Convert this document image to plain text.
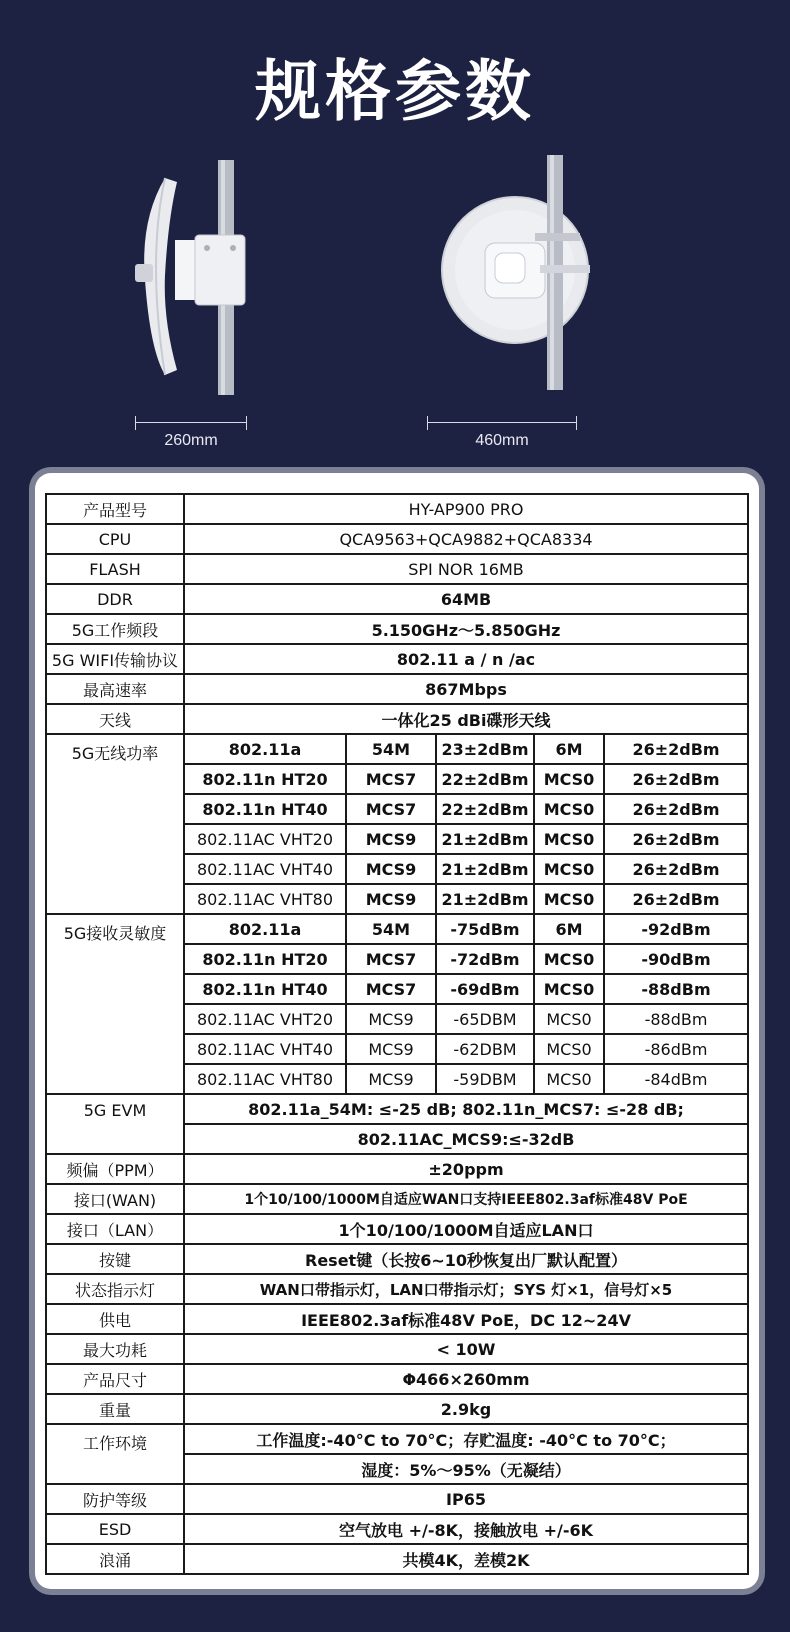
规格参数
260mm	460mm
产品型号	HY-AP900 PRO				
CPU	QCA9563+QCA9882+QCA8334				
FLASH	SPI NOR 16MB				
DDR	64MB				
5G工作频段	5.150GHz～5.850GHz				
5G WIFI传输协议	802.11 a / n /ac				
最高速率	867Mbps				
天线	一体化25 dBi碟形天线				
5G无线功率	802.11a	54M	23±2dBm	6M	26±2dBm
	802.11n HT20	MCS7	22±2dBm	MCS0	26±2dBm
	802.11n HT40	MCS7	22±2dBm	MCS0	26±2dBm
	802.11AC VHT20	MCS9	21±2dBm	MCS0	26±2dBm
	802.11AC VHT40	MCS9	21±2dBm	MCS0	26±2dBm
	802.11AC VHT80	MCS9	21±2dBm	MCS0	26±2dBm
5G接收灵敏度	802.11a	54M	-75dBm	6M	-92dBm
	802.11n HT20	MCS7	-72dBm	MCS0	-90dBm
	802.11n HT40	MCS7	-69dBm	MCS0	-88dBm
	802.11AC VHT20	MCS9	-65DBM	MCS0	-88dBm
	802.11AC VHT40	MCS9	-62DBM	MCS0	-86dBm
	802.11AC VHT80	MCS9	-59DBM	MCS0	-84dBm
5G EVM	802.11a_54M: ≤-25 dB; 802.11n_MCS7: ≤-28 dB;				
	802.11AC_MCS9:≤-32dB				
频偏（PPM）	±20ppm				
接口(WAN)	1个10/100/1000M自适应WAN口支持IEEE802.3af标准48V PoE				
接口（LAN）	1个10/100/1000M自适应LAN口				
按键	Reset键（长按6~10秒恢复出厂默认配置）				
状态指示灯	WAN口带指示灯，LAN口带指示灯；SYS 灯×1，信号灯×5				
供电	IEEE802.3af标准48V PoE，DC 12~24V				
最大功耗	< 10W				
产品尺寸	Φ466×260mm				
重量	2.9kg				
工作环境	工作温度:-40°C to 70°C；存贮温度: -40°C to 70°C；				
	湿度：5%～95%（无凝结）				
防护等级	IP65				
ESD	空气放电 +/-8K，接触放电 +/-6K				
浪涌	共模4K，差模2K				
